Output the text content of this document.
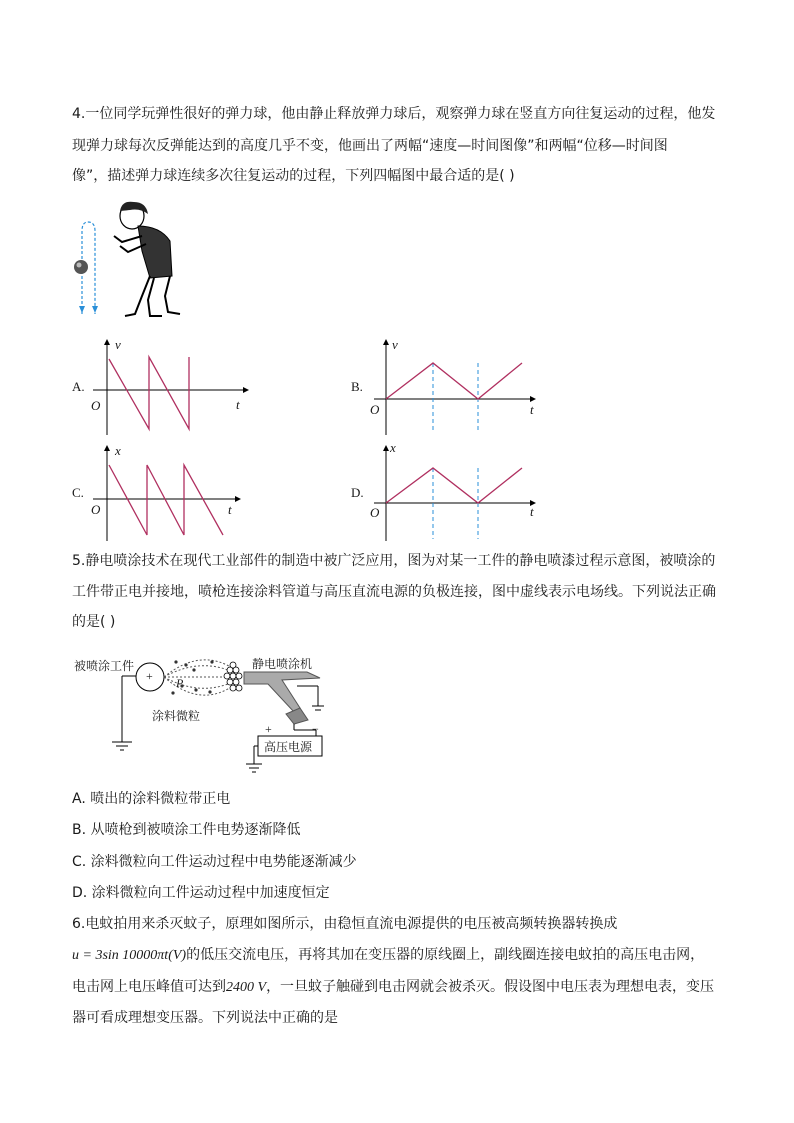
4.一位同学玩弹性很好的弹力球，他由静止释放弹力球后，观察弹力球在竖直方向往复运动的过程，他发
现弹力球每次反弹能达到的高度几乎不变，他画出了两幅“速度—时间图像”和两幅“位移—时间图
像”，描述弹力球连续多次往复运动的过程，下列四幅图中最合适的是( )
A.
v
t
O
B.
v
t
O
C.
x
t
O
D.
x
t
O
5.静电喷涂技术在现代工业部件的制造中被广泛应用，图为对某一工件的静电喷漆过程示意图，被喷涂的
工件带正电并接地，喷枪连接涂料管道与高压直流电源的负极连接，图中虚线表示电场线。下列说法正确
的是( )
被喷涂工件
+ P
静电喷涂机
涂料微粒
+	−
高压电源
A. 喷出的涂料微粒带正电
B. 从喷枪到被喷涂工件电势逐渐降低
C. 涂料微粒向工件运动过程中电势能逐渐减少
D. 涂料微粒向工件运动过程中加速度恒定
6.电蚊拍用来杀灭蚊子，原理如图所示，由稳恒直流电源提供的电压被高频转换器转换成
u = 3sin 10000πt(V)的低压交流电压，再将其加在变压器的原线圈上，副线圈连接电蚊拍的高压电击网，
电击网上电压峰值可达到2400 V，一旦蚊子触碰到电击网就会被杀灭。假设图中电压表为理想电表，变压
器可看成理想变压器。下列说法中正确的是
